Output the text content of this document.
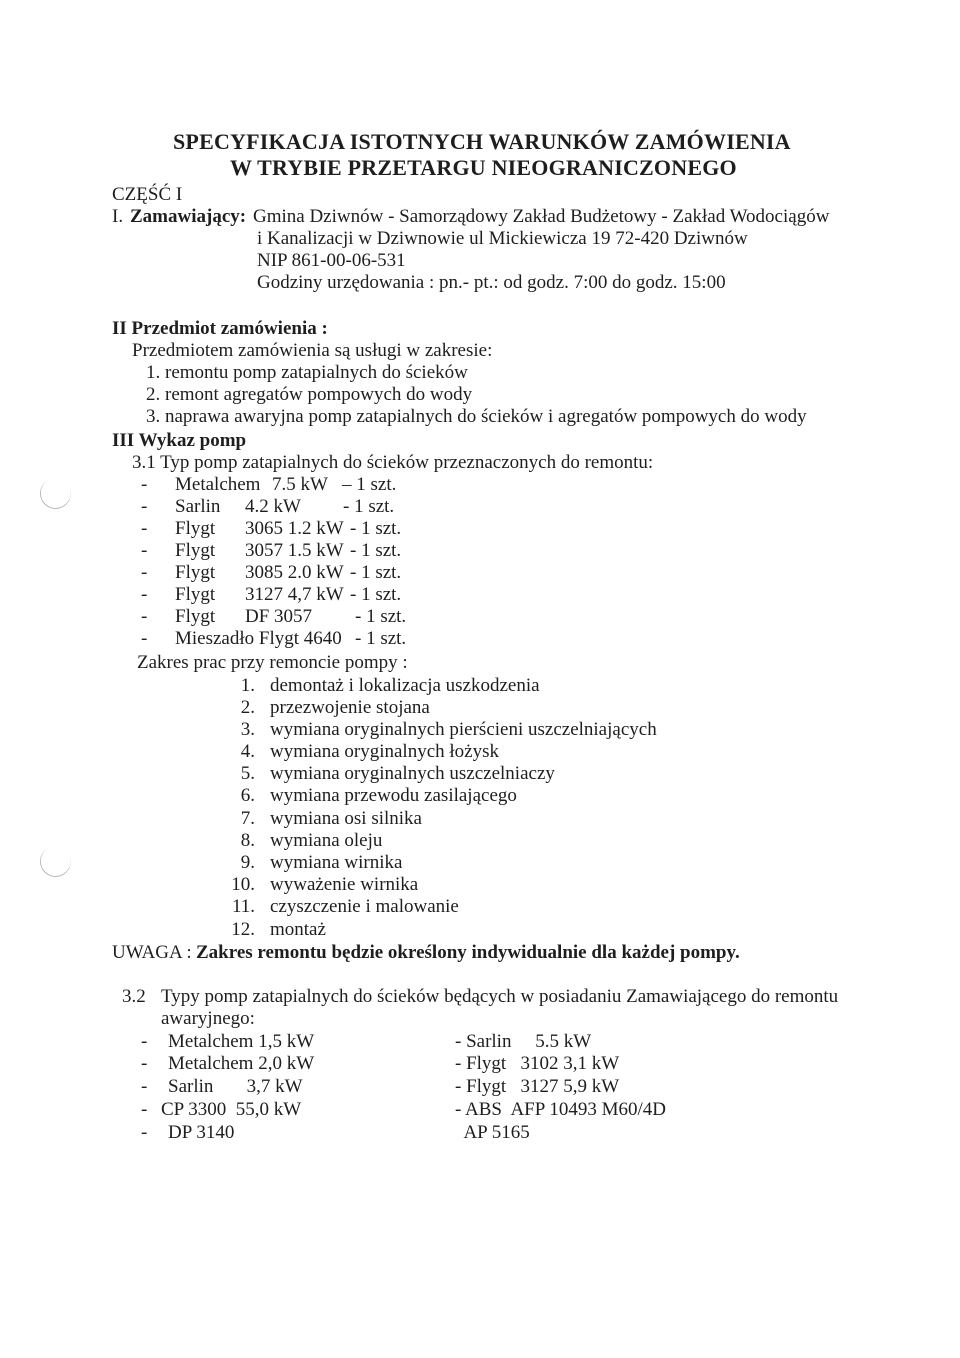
SPECYFIKACJA ISTOTNYCH WARUNKÓW ZAMÓWIENIA
W TRYBIE PRZETARGU NIEOGRANICZONEGO
CZĘŚĆ I
I. Zamawiający: Gmina Dziwnów - Samorządowy Zakład Budżetowy - Zakład Wodociągów
i Kanalizacji w Dziwnowie ul Mickiewicza 19 72-420 Dziwnów
NIP 861-00-06-531
Godziny urzędowania : pn.- pt.: od godz. 7:00 do godz. 15:00
II Przedmiot zamówienia :
Przedmiotem zamówienia są usługi w zakresie:
1. remontu pomp zatapialnych do ścieków
2. remont agregatów pompowych do wody
3. naprawa awaryjna pomp zatapialnych do ścieków i agregatów pompowych do wody
III Wykaz pomp
3.1 Typ pomp zatapialnych do ścieków przeznaczonych do remontu:
- Metalchem 7.5 kW – 1 szt.
- Sarlin 4.2 kW - 1 szt.
- Flygt 3065 1.2 kW - 1 szt.
- Flygt 3057 1.5 kW - 1 szt.
- Flygt 3085 2.0 kW - 1 szt.
- Flygt 3127 4,7 kW - 1 szt.
- Flygt DF 3057 - 1 szt.
- Mieszadło Flygt 4640 - 1 szt.
Zakres prac przy remoncie pompy :
1. demontaż i lokalizacja uszkodzenia
2. przezwojenie stojana
3. wymiana oryginalnych pierścieni uszczelniających
4. wymiana oryginalnych łożysk
5. wymiana oryginalnych uszczelniaczy
6. wymiana przewodu zasilającego
7. wymiana osi silnika
8. wymiana oleju
9. wymiana wirnika
10. wyważenie wirnika
11. czyszczenie i malowanie
12. montaż
UWAGA : Zakres remontu będzie określony indywidualnie dla każdej pompy.
3.2 Typy pomp zatapialnych do ścieków będących w posiadaniu Zamawiającego do remontu
awaryjnego:
- Metalchem 1,5 kW
- Metalchem 2,0 kW
- Sarlin       3,7 kW
- CP 3300  55,0 kW
- DP 3140
- Sarlin     5.5 kW
- Flygt   3102 3,1 kW
- Flygt   3127 5,9 kW
- ABS  AFP 10493 M60/4D
AP 5165
